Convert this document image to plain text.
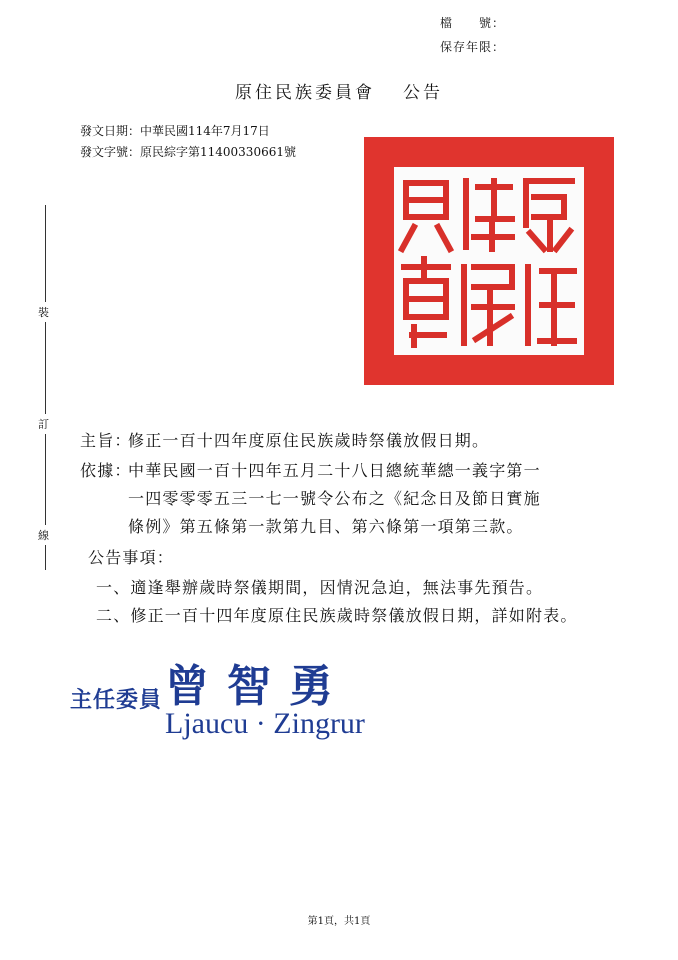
檔　　號：
保存年限：
原住民族委員會 公告
發文日期：中華民國114年7月17日
發文字號：原民綜字第11400330661號
裝
訂
線
主旨：
修正一百十四年度原住民族歲時祭儀放假日期。
依據：
中華民國一百十四年五月二十八日總統華總一義字第一
一四零零零五三一七一號令公布之《紀念日及節日實施
條例》第五條第一款第九目、第六條第一項第三款。
公告事項：
一、適逢舉辦歲時祭儀期間，因情況急迫，無法事先預告。
二、修正一百十四年度原住民族歲時祭儀放假日期，詳如附表。
主任委員 曾智勇
Ljaucu · Zingrur
第1頁，共1頁
